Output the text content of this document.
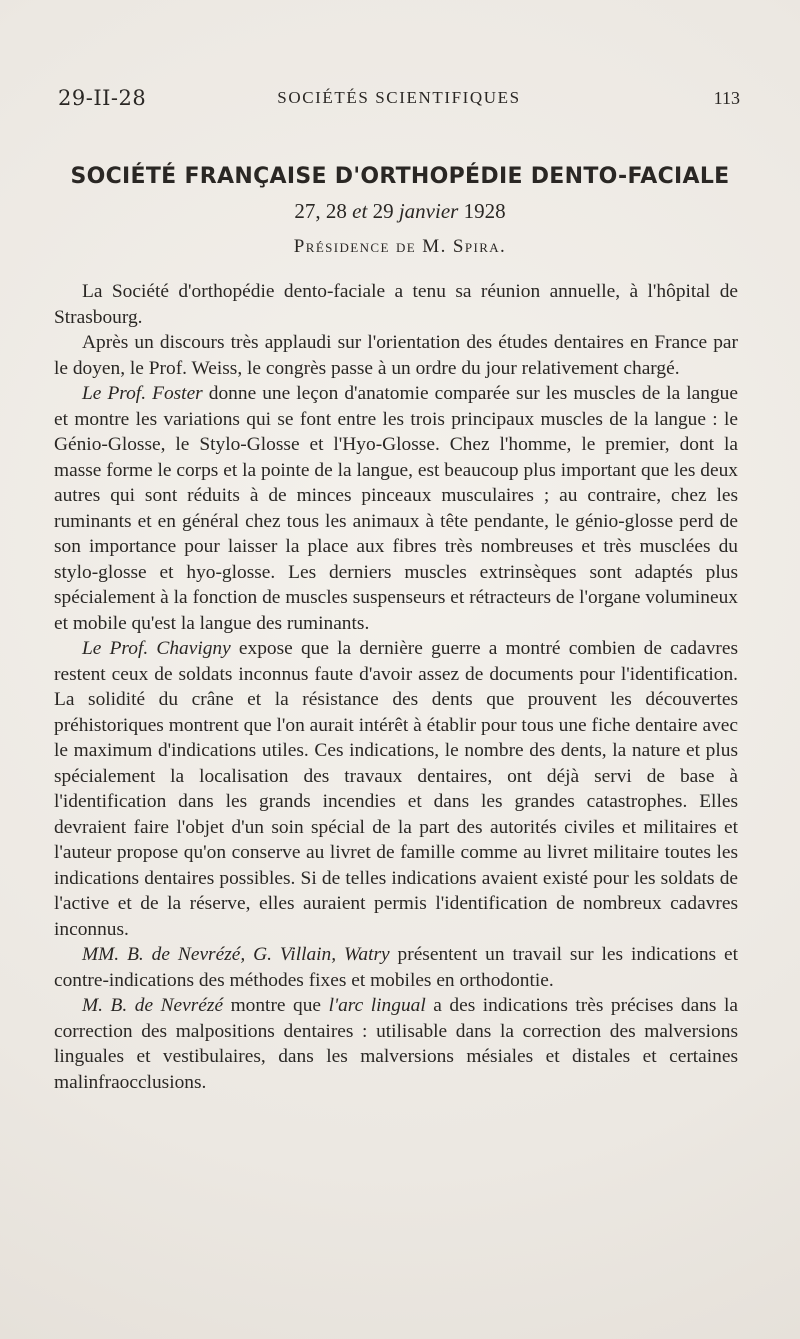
29-II-28	SOCIÉTÉS SCIENTIFIQUES	113
SOCIÉTÉ FRANÇAISE D'ORTHOPÉDIE DENTO-FACIALE
27, 28 et 29 janvier 1928
Présidence de M. Spira.

La Société d'orthopédie dento-faciale a tenu sa réunion annuelle, à l'hôpital de Strasbourg.

Après un discours très applaudi sur l'orientation des études dentaires en France par le doyen, le Prof. Weiss, le congrès passe à un ordre du jour relativement chargé.

Le Prof. Foster donne une leçon d'anatomie comparée sur les muscles de la langue et montre les variations qui se font entre les trois principaux muscles de la langue : le Génio-Glosse, le Stylo-Glosse et l'Hyo-Glosse. Chez l'homme, le premier, dont la masse forme le corps et la pointe de la langue, est beaucoup plus important que les deux autres qui sont réduits à de minces pinceaux musculaires ; au contraire, chez les ruminants et en général chez tous les animaux à tête pendante, le génio-glosse perd de son importance pour laisser la place aux fibres très nombreuses et très musclées du stylo-glosse et hyo-glosse. Les derniers muscles extrinsèques sont adaptés plus spécialement à la fonction de muscles suspenseurs et rétracteurs de l'organe volumineux et mobile qu'est la langue des ruminants.

Le Prof. Chavigny expose que la dernière guerre a montré combien de cadavres restent ceux de soldats inconnus faute d'avoir assez de documents pour l'identification. La solidité du crâne et la résistance des dents que prouvent les découvertes préhistoriques montrent que l'on aurait intérêt à établir pour tous une fiche dentaire avec le maximum d'indications utiles. Ces indications, le nombre des dents, la nature et plus spécialement la localisation des travaux dentaires, ont déjà servi de base à l'identification dans les grands incendies et dans les grandes catastrophes. Elles devraient faire l'objet d'un soin spécial de la part des autorités civiles et militaires et l'auteur propose qu'on conserve au livret de famille comme au livret militaire toutes les indications dentaires possibles. Si de telles indications avaient existé pour les soldats de l'active et de la réserve, elles auraient permis l'identification de nombreux cadavres inconnus.

MM. B. de Nevrézé, G. Villain, Watry présentent un travail sur les indications et contre-indications des méthodes fixes et mobiles en orthodontie.

M. B. de Nevrézé montre que l'arc lingual a des indications très précises dans la correction des malpositions dentaires : utilisable dans la correction des malversions linguales et vestibulaires, dans les malversions mésiales et distales et certaines malinfraocclusions.
